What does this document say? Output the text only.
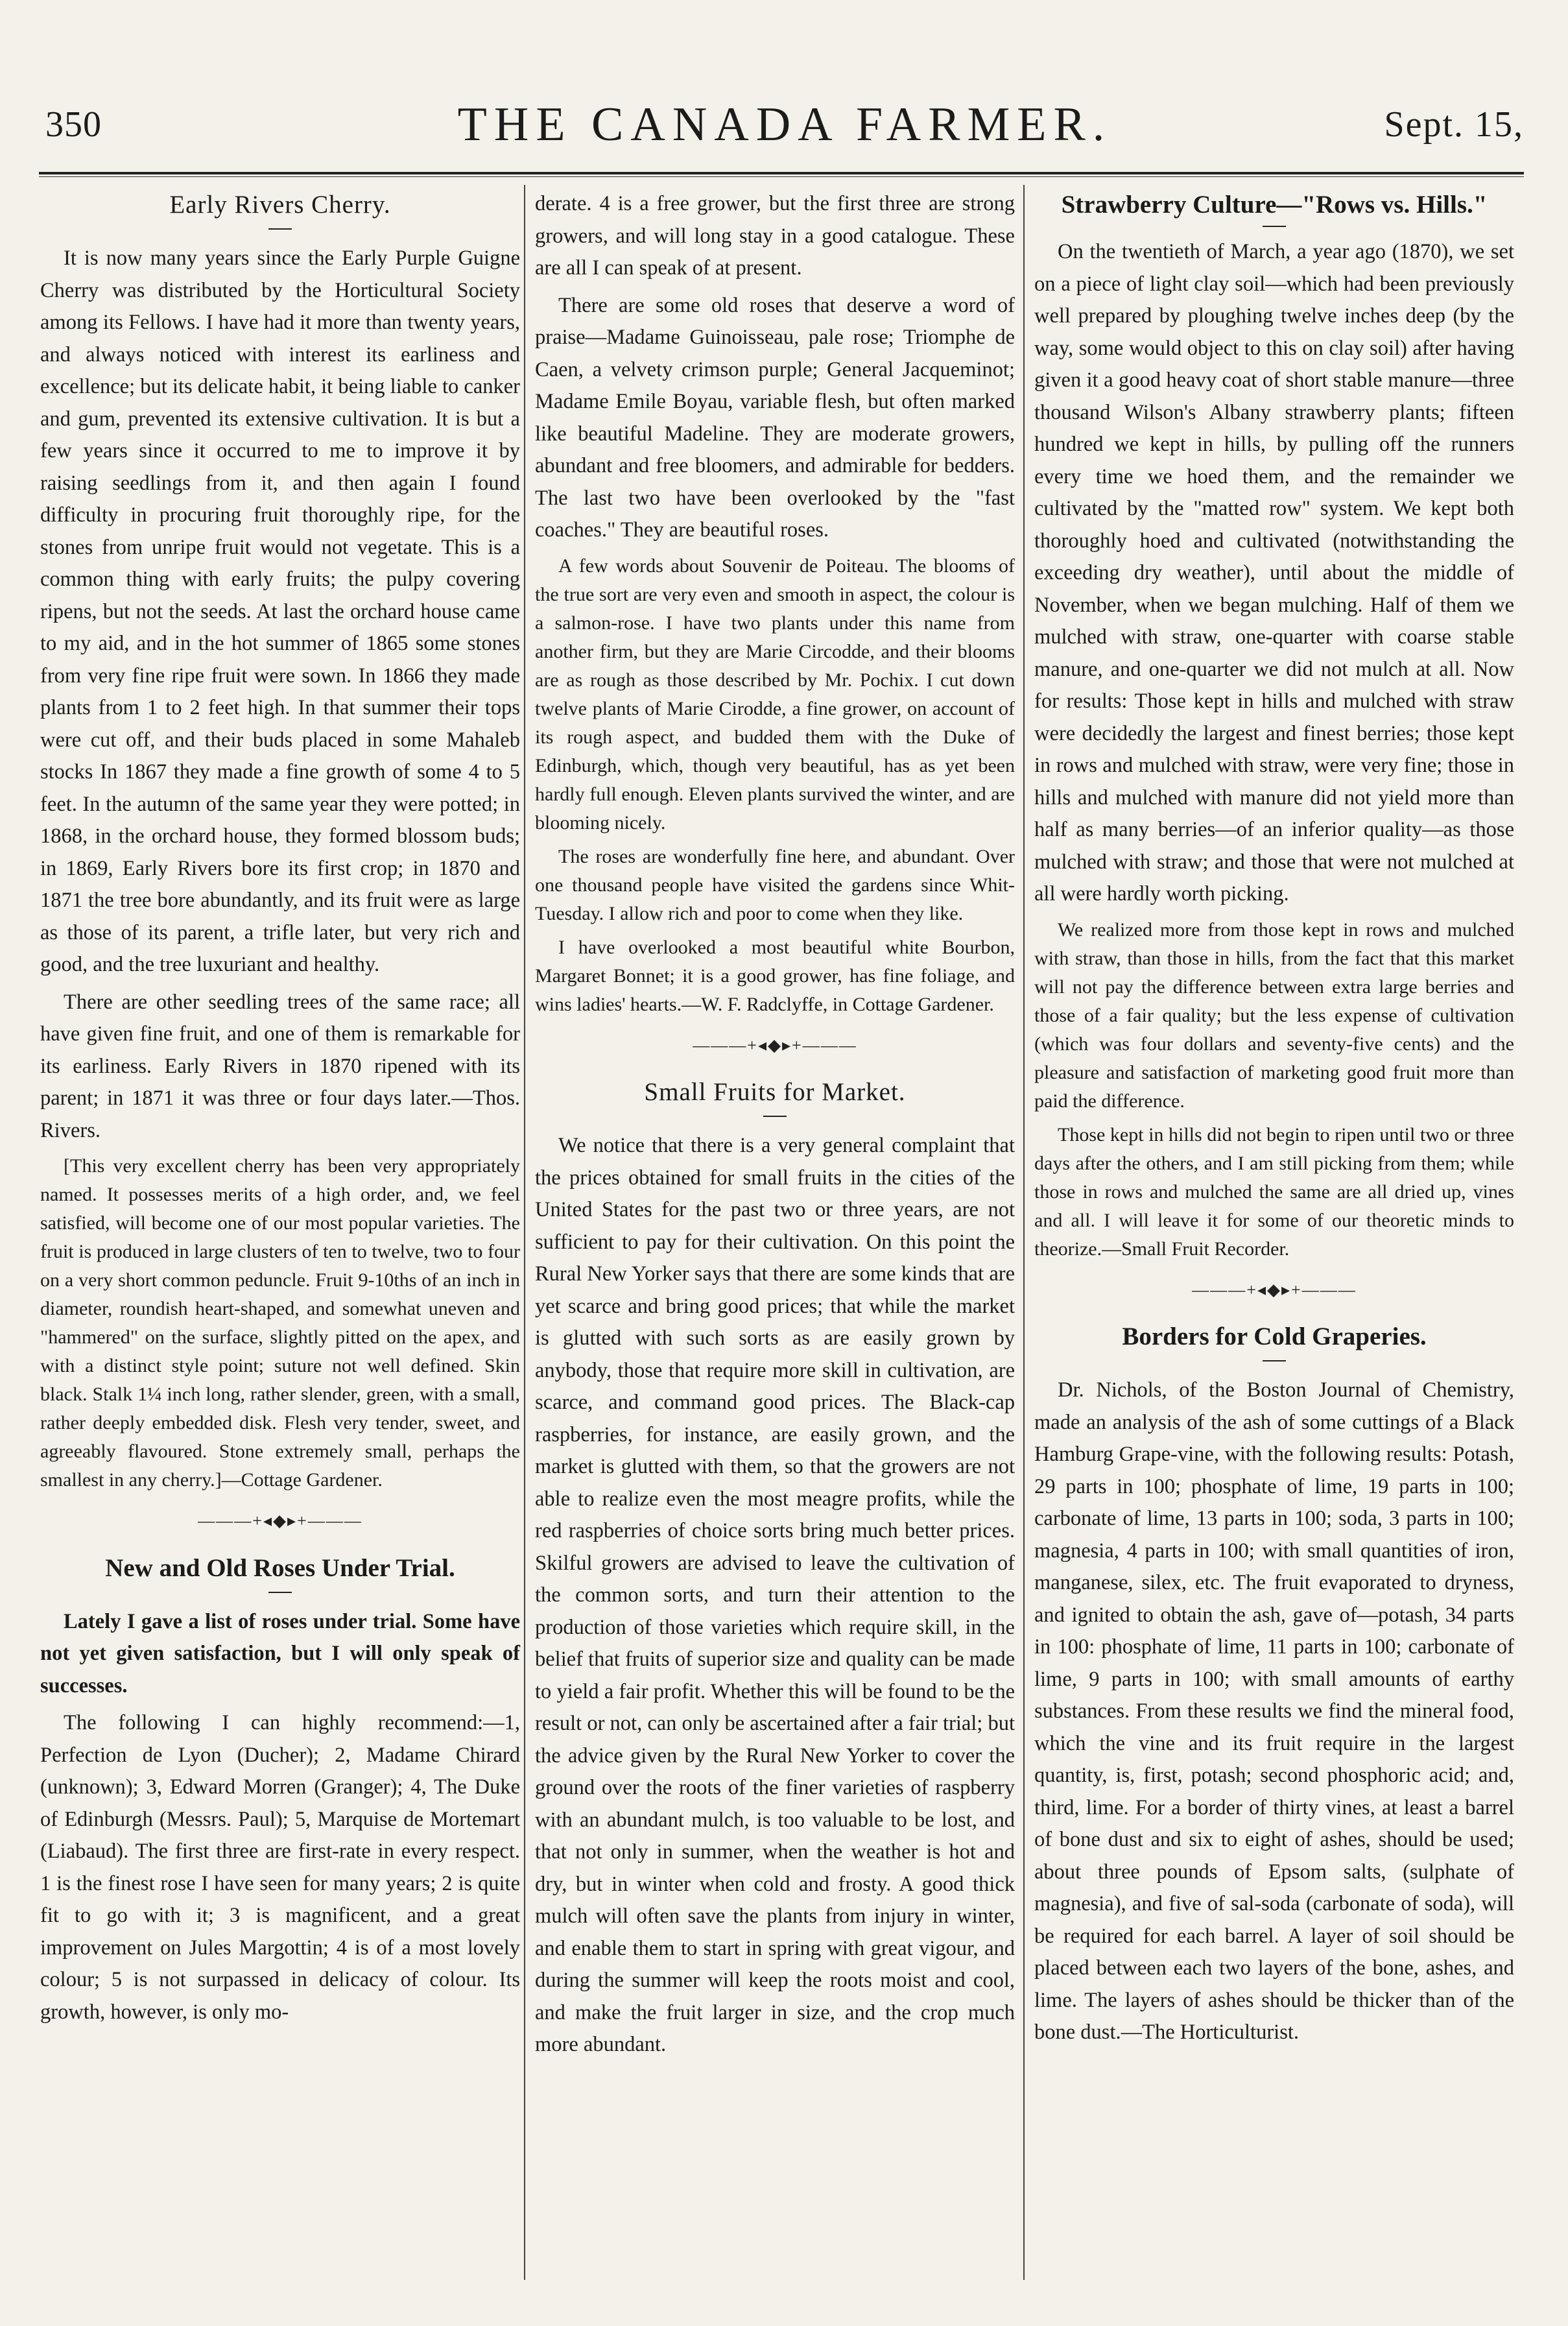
350	THE CANADA FARMER.	Sept. 15,
Early Rivers Cherry.

It is now many years since the Early Purple Guigne Cherry was distributed by the Horticultural Society among its Fellows. I have had it more than twenty years, and always noticed with interest its earliness and excellence; but its delicate habit, it being liable to canker and gum, prevented its extensive cultivation. It is but a few years since it occurred to me to improve it by raising seedlings from it, and then again I found difficulty in procuring fruit thoroughly ripe, for the stones from unripe fruit would not vegetate. This is a common thing with early fruits; the pulpy covering ripens, but not the seeds. At last the orchard house came to my aid, and in the hot summer of 1865 some stones from very fine ripe fruit were sown. In 1866 they made plants from 1 to 2 feet high. In that summer their tops were cut off, and their buds placed in some Mahaleb stocks In 1867 they made a fine growth of some 4 to 5 feet. In the autumn of the same year they were potted; in 1868, in the orchard house, they formed blossom buds; in 1869, Early Rivers bore its first crop; in 1870 and 1871 the tree bore abundantly, and its fruit were as large as those of its parent, a trifle later, but very rich and good, and the tree luxuriant and healthy.

There are other seedling trees of the same race; all have given fine fruit, and one of them is remarkable for its earliness. Early Rivers in 1870 ripened with its parent; in 1871 it was three or four days later.—Thos. Rivers.

[This very excellent cherry has been very appropriately named. It possesses merits of a high order, and, we feel satisfied, will become one of our most popular varieties. The fruit is produced in large clusters of ten to twelve, two to four on a very short common peduncle. Fruit 9-10ths of an inch in diameter, roundish heart-shaped, and somewhat uneven and "hammered" on the surface, slightly pitted on the apex, and with a distinct style point; suture not well defined. Skin black. Stalk 1¼ inch long, rather slender, green, with a small, rather deeply embedded disk. Flesh very tender, sweet, and agreeably flavoured. Stone extremely small, perhaps the smallest in any cherry.]—Cottage Gardener.

———+◂◆▸+———
New and Old Roses Under Trial.

Lately I gave a list of roses under trial. Some have not yet given satisfaction, but I will only speak of successes.

The following I can highly recommend:—1, Perfection de Lyon (Ducher); 2, Madame Chirard (unknown); 3, Edward Morren (Granger); 4, The Duke of Edinburgh (Messrs. Paul); 5, Marquise de Mortemart (Liabaud). The first three are first-rate in every respect. 1 is the finest rose I have seen for many years; 2 is quite fit to go with it; 3 is magnificent, and a great improvement on Jules Margottin; 4 is of a most lovely colour; 5 is not surpassed in delicacy of colour. Its growth, however, is only mo-

derate. 4 is a free grower, but the first three are strong growers, and will long stay in a good catalogue. These are all I can speak of at present.

There are some old roses that deserve a word of praise—Madame Guinoisseau, pale rose; Triomphe de Caen, a velvety crimson purple; General Jacqueminot; Madame Emile Boyau, variable flesh, but often marked like beautiful Madeline. They are moderate growers, abundant and free bloomers, and admirable for bedders. The last two have been overlooked by the "fast coaches." They are beautiful roses.

A few words about Souvenir de Poiteau. The blooms of the true sort are very even and smooth in aspect, the colour is a salmon-rose. I have two plants under this name from another firm, but they are Marie Circodde, and their blooms are as rough as those described by Mr. Pochix. I cut down twelve plants of Marie Cirodde, a fine grower, on account of its rough aspect, and budded them with the Duke of Edinburgh, which, though very beautiful, has as yet been hardly full enough. Eleven plants survived the winter, and are blooming nicely.

The roses are wonderfully fine here, and abundant. Over one thousand people have visited the gardens since Whit-Tuesday. I allow rich and poor to come when they like.

I have overlooked a most beautiful white Bourbon, Margaret Bonnet; it is a good grower, has fine foliage, and wins ladies' hearts.—W. F. Radclyffe, in Cottage Gardener.

———+◂◆▸+———
Small Fruits for Market.

We notice that there is a very general complaint that the prices obtained for small fruits in the cities of the United States for the past two or three years, are not sufficient to pay for their cultivation. On this point the Rural New Yorker says that there are some kinds that are yet scarce and bring good prices; that while the market is glutted with such sorts as are easily grown by anybody, those that require more skill in cultivation, are scarce, and command good prices. The Black-cap raspberries, for instance, are easily grown, and the market is glutted with them, so that the growers are not able to realize even the most meagre profits, while the red raspberries of choice sorts bring much better prices. Skilful growers are advised to leave the cultivation of the common sorts, and turn their attention to the production of those varieties which require skill, in the belief that fruits of superior size and quality can be made to yield a fair profit. Whether this will be found to be the result or not, can only be ascertained after a fair trial; but the advice given by the Rural New Yorker to cover the ground over the roots of the finer varieties of raspberry with an abundant mulch, is too valuable to be lost, and that not only in summer, when the weather is hot and dry, but in winter when cold and frosty. A good thick mulch will often save the plants from injury in winter, and enable them to start in spring with great vigour, and during the summer will keep the roots moist and cool, and make the fruit larger in size, and the crop much more abundant.

Strawberry Culture—"Rows vs. Hills."

On the twentieth of March, a year ago (1870), we set on a piece of light clay soil—which had been previously well prepared by ploughing twelve inches deep (by the way, some would object to this on clay soil) after having given it a good heavy coat of short stable manure—three thousand Wilson's Albany strawberry plants; fifteen hundred we kept in hills, by pulling off the runners every time we hoed them, and the remainder we cultivated by the "matted row" system. We kept both thoroughly hoed and cultivated (notwithstanding the exceeding dry weather), until about the middle of November, when we began mulching. Half of them we mulched with straw, one-quarter with coarse stable manure, and one-quarter we did not mulch at all. Now for results: Those kept in hills and mulched with straw were decidedly the largest and finest berries; those kept in rows and mulched with straw, were very fine; those in hills and mulched with manure did not yield more than half as many berries—of an inferior quality—as those mulched with straw; and those that were not mulched at all were hardly worth picking.

We realized more from those kept in rows and mulched with straw, than those in hills, from the fact that this market will not pay the difference between extra large berries and those of a fair quality; but the less expense of cultivation (which was four dollars and seventy-five cents) and the pleasure and satisfaction of marketing good fruit more than paid the difference.

Those kept in hills did not begin to ripen until two or three days after the others, and I am still picking from them; while those in rows and mulched the same are all dried up, vines and all. I will leave it for some of our theoretic minds to theorize.—Small Fruit Recorder.

———+◂◆▸+———
Borders for Cold Graperies.

Dr. Nichols, of the Boston Journal of Chemistry, made an analysis of the ash of some cuttings of a Black Hamburg Grape-vine, with the following results: Potash, 29 parts in 100; phosphate of lime, 19 parts in 100; carbonate of lime, 13 parts in 100; soda, 3 parts in 100; magnesia, 4 parts in 100; with small quantities of iron, manganese, silex, etc. The fruit evaporated to dryness, and ignited to obtain the ash, gave of—potash, 34 parts in 100: phosphate of lime, 11 parts in 100; carbonate of lime, 9 parts in 100; with small amounts of earthy substances. From these results we find the mineral food, which the vine and its fruit require in the largest quantity, is, first, potash; second phosphoric acid; and, third, lime. For a border of thirty vines, at least a barrel of bone dust and six to eight of ashes, should be used; about three pounds of Epsom salts, (sulphate of magnesia), and five of sal-soda (carbonate of soda), will be required for each barrel. A layer of soil should be placed between each two layers of the bone, ashes, and lime. The layers of ashes should be thicker than of the bone dust.—The Horticulturist.
